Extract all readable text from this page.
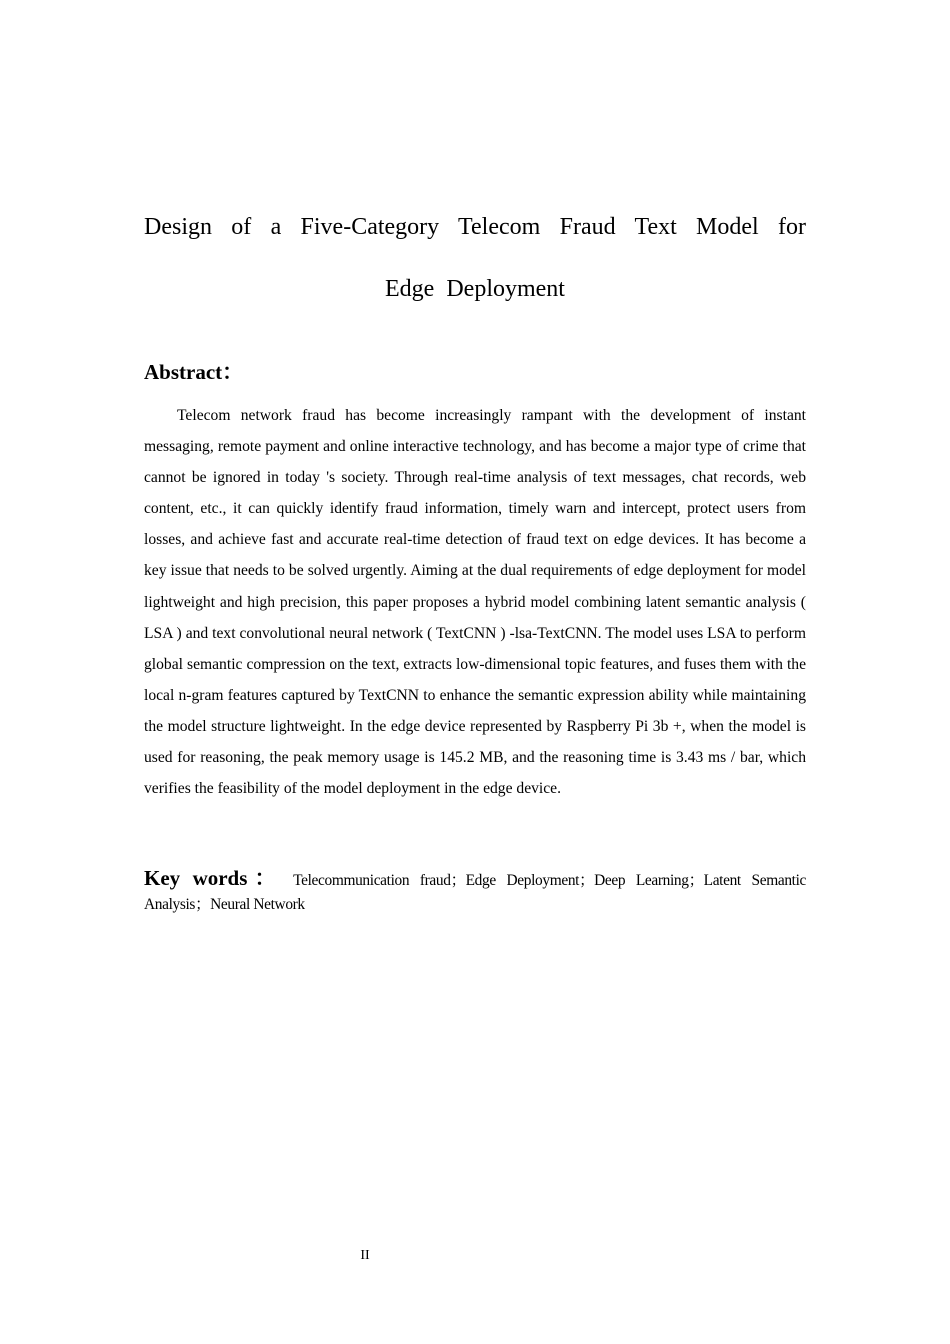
Design of a Five-Category Telecom Fraud Text Model for
Edge Deployment
Abstract：

Telecom network fraud has become increasingly rampant with the development of instant messaging, remote payment and online interactive technology, and has become a major type of crime that cannot be ignored in today 's society. Through real-time analysis of text messages, chat records, web content, etc., it can quickly identify fraud information, timely warn and intercept, protect users from losses, and achieve fast and accurate real-time detection of fraud text on edge devices. It has become a key issue that needs to be solved urgently. Aiming at the dual requirements of edge deployment for model lightweight and high precision, this paper proposes a hybrid model combining latent semantic analysis ( LSA ) and text convolutional neural network ( TextCNN ) -lsa-TextCNN. The model uses LSA to perform global semantic compression on the text, extracts low-dimensional topic features, and fuses them with the local n-gram features captured by TextCNN to enhance the semantic expression ability while maintaining the model structure lightweight. In the edge device represented by Raspberry Pi 3b +, when the model is used for reasoning, the peak memory usage is 145.2 MB, and the reasoning time is 3.43 ms / bar, which verifies the feasibility of the model deployment in the edge device.

Key words： Telecommunication fraud；Edge Deployment；Deep Learning；Latent Semantic Analysis；Neural Network
II
